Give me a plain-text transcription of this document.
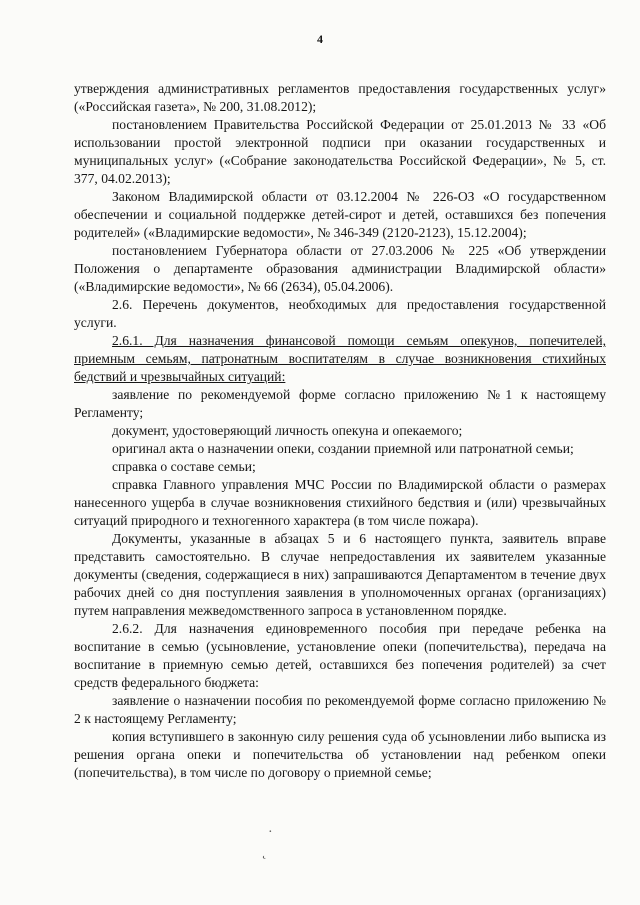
4

утверждения административных регламентов предоставления государственных услуг» («Российская газета», № 200, 31.08.2012);

постановлением Правительства Российской Федерации от 25.01.2013 № 33 «Об использовании простой электронной подписи при оказании государственных и муниципальных услуг» («Собрание законодательства Российской Федерации», № 5, ст. 377, 04.02.2013);

Законом Владимирской области от 03.12.2004 № 226-ОЗ «О государственном обеспечении и социальной поддержке детей-сирот и детей, оставшихся без попечения родителей» («Владимирские ведомости», № 346-349 (2120-2123), 15.12.2004);

постановлением Губернатора области от 27.03.2006 № 225 «Об утверждении Положения о департаменте образования администрации Владимирской области» («Владимирские ведомости», № 66 (2634), 05.04.2006).

2.6. Перечень документов, необходимых для предоставления государственной услуги.

2.6.1. Для назначения финансовой помощи семьям опекунов, попечителей, приемным семьям, патронатным воспитателям в случае возникновения стихийных бедствий и чрезвычайных ситуаций:

заявление по рекомендуемой форме согласно приложению №1 к настоящему Регламенту;

документ, удостоверяющий личность опекуна и опекаемого;

оригинал акта о назначении опеки, создании приемной или патронатной семьи;

справка о составе семьи;

справка Главного управления МЧС России по Владимирской области о размерах нанесенного ущерба в случае возникновения стихийного бедствия и (или) чрезвычайных ситуаций природного и техногенного характера (в том числе пожара).

Документы, указанные в абзацах 5 и 6 настоящего пункта, заявитель вправе представить самостоятельно. В случае непредоставления их заявителем указанные документы (сведения, содержащиеся в них) запрашиваются Департаментом в течение двух рабочих дней со дня поступления заявления в уполномоченных органах (организациях) путем направления межведомственного запроса в установленном порядке.

2.6.2. Для назначения единовременного пособия при передаче ребенка на воспитание в семью (усыновление, установление опеки (попечительства), передача на воспитание в приемную семью детей, оставшихся без попечения родителей) за счет средств федерального бюджета:

заявление о назначении пособия по рекомендуемой форме согласно приложению № 2 к настоящему Регламенту;

копия вступившего в законную силу решения суда об усыновлении либо выписка из решения органа опеки и попечительства об установлении над ребенком опеки (попечительства), в том числе по договору о приемной семье;

·
˛
